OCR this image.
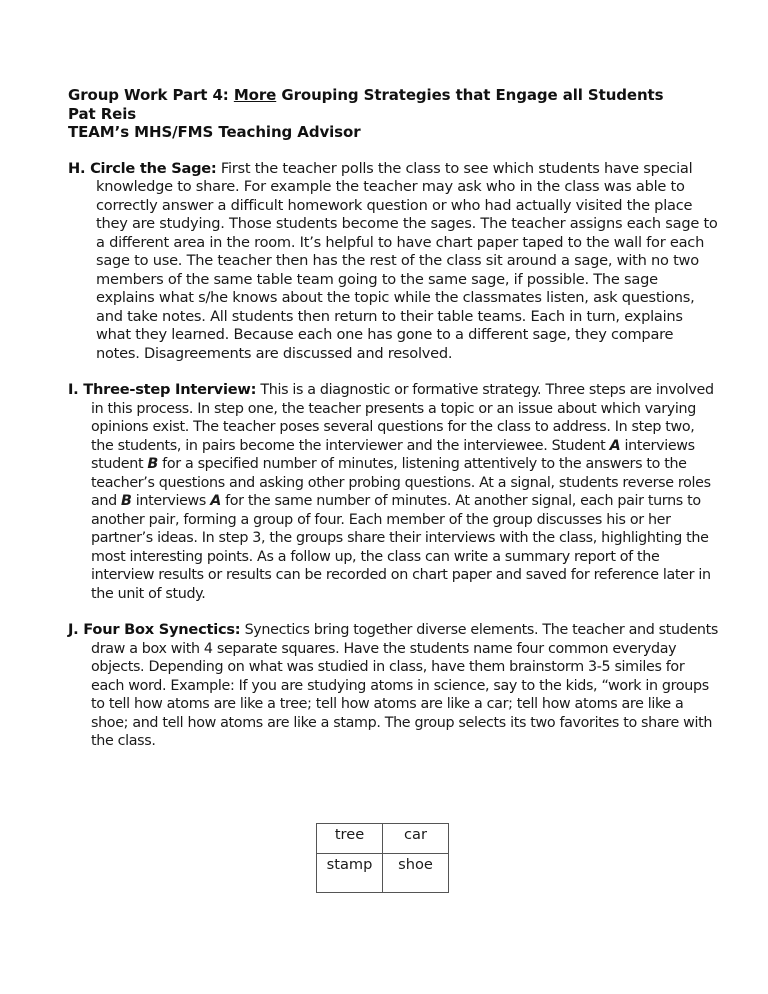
Group Work Part 4: More Grouping Strategies that Engage all Students
Pat Reis
TEAM’s MHS/FMS Teaching Advisor
H. Circle the Sage: First the teacher polls the class to see which students have special knowledge to share. For example the teacher may ask who in the class was able to correctly answer a difficult homework question or who had actually visited the place they are studying. Those students become the sages. The teacher assigns each sage to a different area in the room. It’s helpful to have chart paper taped to the wall for each sage to use. The teacher then has the rest of the class sit around a sage, with no two members of the same table team going to the same sage, if possible. The sage explains what s/he knows about the topic while the classmates listen, ask questions, and take notes. All students then return to their table teams. Each in turn, explains what they learned. Because each one has gone to a different sage, they compare notes. Disagreements are discussed and resolved.
I. Three-step Interview: This is a diagnostic or formative strategy. Three steps are involved in this process. In step one, the teacher presents a topic or an issue about which varying opinions exist. The teacher poses several questions for the class to address. In step two, the students, in pairs become the interviewer and the interviewee. Student A interviews student B for a specified number of minutes, listening attentively to the answers to the teacher’s questions and asking other probing questions. At a signal, students reverse roles and B interviews A for the same number of minutes. At another signal, each pair turns to another pair, forming a group of four. Each member of the group discusses his or her partner’s ideas. In step 3, the groups share their interviews with the class, highlighting the most interesting points. As a follow up, the class can write a summary report of the interview results or results can be recorded on chart paper and saved for reference later in the unit of study.
J. Four Box Synectics: Synectics bring together diverse elements. The teacher and students draw a box with 4 separate squares. Have the students name four common everyday objects. Depending on what was studied in class, have them brainstorm 3-5 similes for each word. Example: If you are studying atoms in science, say to the kids, “work in groups to tell how atoms are like a tree; tell how atoms are like a car; tell how atoms are like a shoe; and tell how atoms are like a stamp. The group selects its two favorites to share with the class.
tree	car
stamp	shoe
